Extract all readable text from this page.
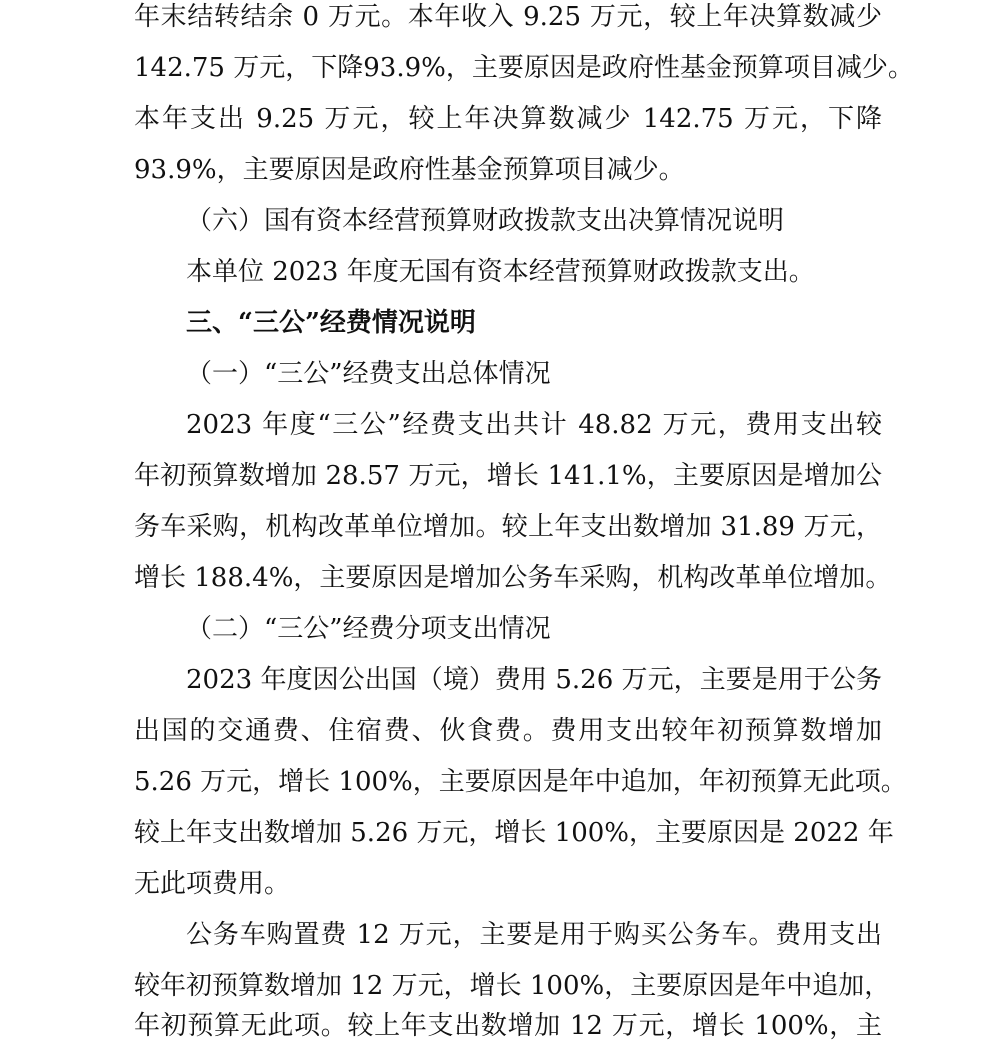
年末结转结余 0 万元。本年收入 9.25 万元，较上年决算数减少
142.75 万元，下降93.9%，主要原因是政府性基金预算项目减少。
本年支出 9.25 万元，较上年决算数减少 142.75 万元，下降
93.9%，主要原因是政府性基金预算项目减少。
（六）国有资本经营预算财政拨款支出决算情况说明
本单位 2023 年度无国有资本经营预算财政拨款支出。
三、“三公”经费情况说明
（一）“三公”经费支出总体情况
2023 年度“三公”经费支出共计 48.82 万元，费用支出较
年初预算数增加 28.57 万元，增长 141.1%，主要原因是增加公
务车采购，机构改革单位增加。较上年支出数增加 31.89 万元，
增长 188.4%，主要原因是增加公务车采购，机构改革单位增加。
（二）“三公”经费分项支出情况
2023 年度因公出国（境）费用 5.26 万元，主要是用于公务
出国的交通费、住宿费、伙食费。费用支出较年初预算数增加
5.26 万元，增长 100%，主要原因是年中追加，年初预算无此项。
较上年支出数增加 5.26 万元，增长 100%，主要原因是 2022 年
无此项费用。
公务车购置费 12 万元，主要是用于购买公务车。费用支出
较年初预算数增加 12 万元，增长 100%，主要原因是年中追加，
年初预算无此项。较上年支出数增加 12 万元，增长 100%，主
